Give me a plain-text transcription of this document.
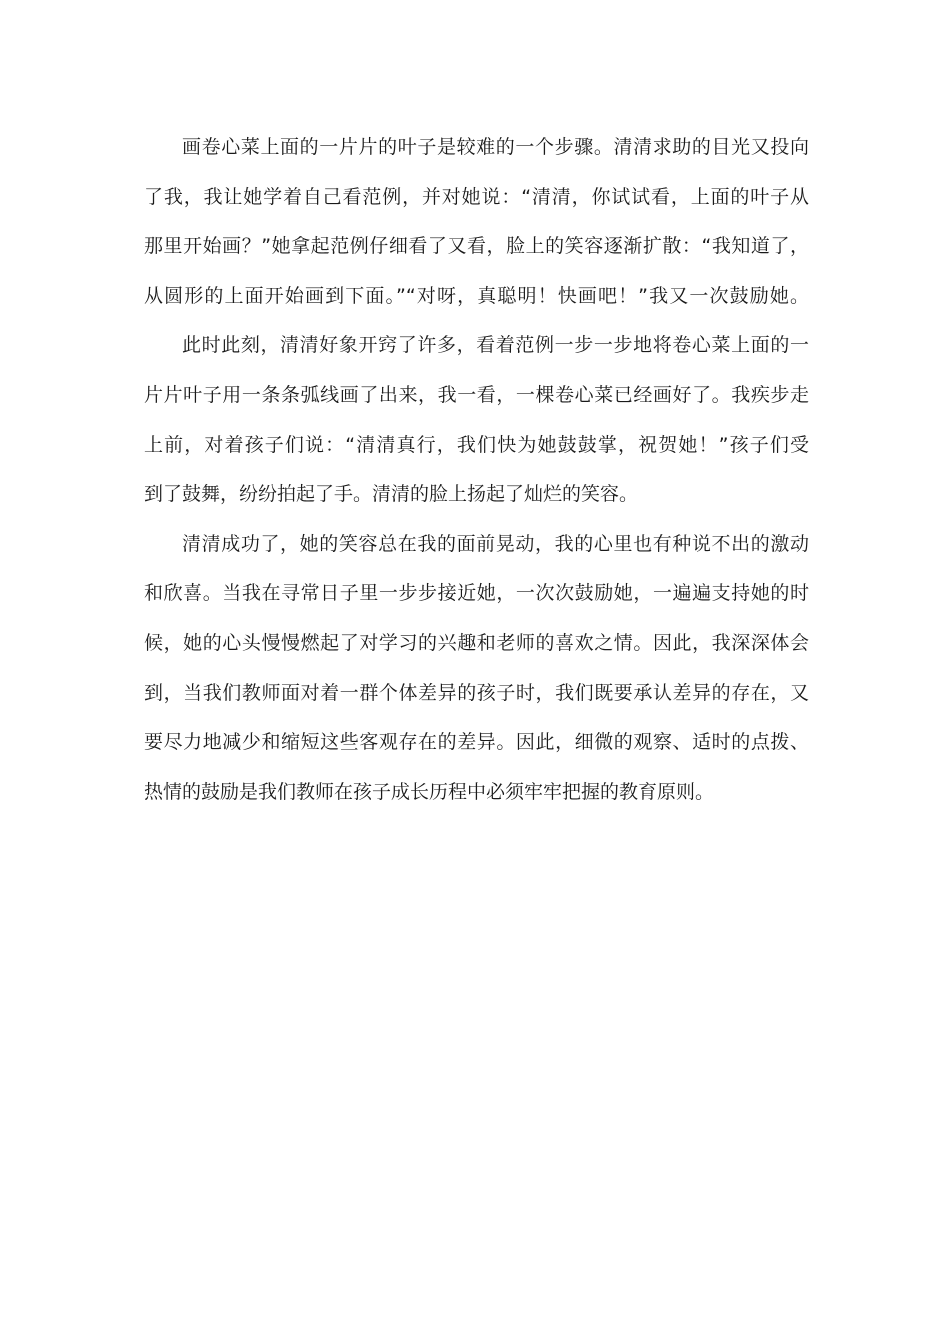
画卷心菜上面的一片片的叶子是较难的一个步骤。清清求助的目光又投向
了我，我让她学着自己看范例，并对她说：“清清，你试试看，上面的叶子从
那里开始画？”她拿起范例仔细看了又看，脸上的笑容逐渐扩散：“我知道了，
从圆形的上面开始画到下面。”“对呀，真聪明！快画吧！”我又一次鼓励她。
此时此刻，清清好象开窍了许多，看着范例一步一步地将卷心菜上面的一
片片叶子用一条条弧线画了出来，我一看，一棵卷心菜已经画好了。我疾步走
上前，对着孩子们说：“清清真行，我们快为她鼓鼓掌，祝贺她！”孩子们受
到了鼓舞，纷纷拍起了手。清清的脸上扬起了灿烂的笑容。
清清成功了，她的笑容总在我的面前晃动，我的心里也有种说不出的激动
和欣喜。当我在寻常日子里一步步接近她，一次次鼓励她，一遍遍支持她的时
候，她的心头慢慢燃起了对学习的兴趣和老师的喜欢之情。因此，我深深体会
到，当我们教师面对着一群个体差异的孩子时，我们既要承认差异的存在，又
要尽力地减少和缩短这些客观存在的差异。因此，细微的观察、适时的点拨、
热情的鼓励是我们教师在孩子成长历程中必须牢牢把握的教育原则。
